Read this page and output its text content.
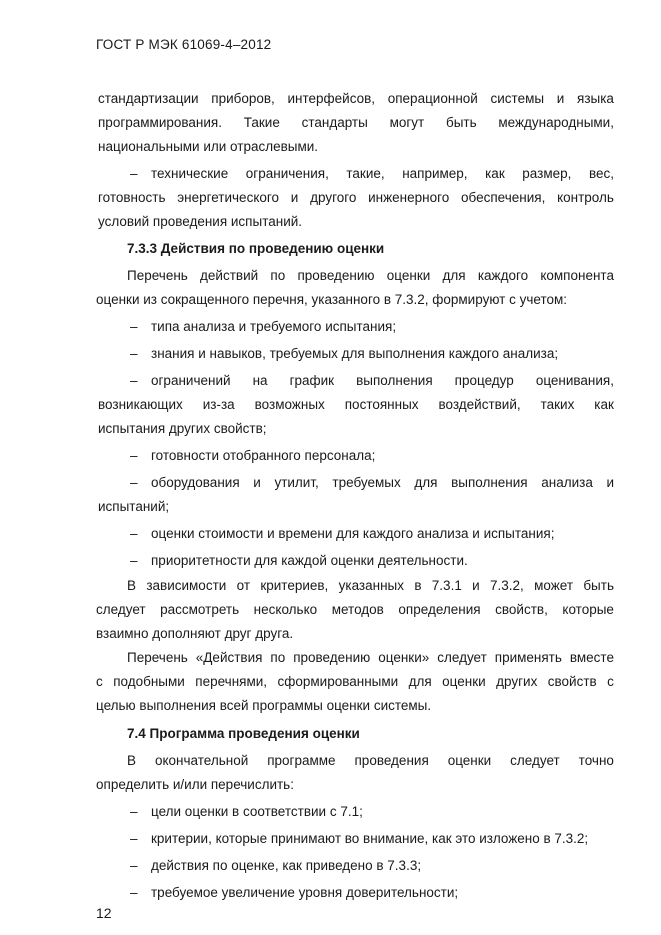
ГОСТ Р МЭК 61069-4–2012
стандартизации приборов, интерфейсов, операционной системы и языка
программирования. Такие стандарты могут быть международными,
национальными или отраслевыми.
– технические ограничения, такие, например, как размер, вес,
готовность энергетического и другого инженерного обеспечения, контроль
условий проведения испытаний.
7.3.3 Действия по проведению оценки
Перечень действий по проведению оценки для каждого компонента
оценки из сокращенного перечня, указанного в 7.3.2, формируют с учетом:
– типа анализа и требуемого испытания;
– знания и навыков, требуемых для выполнения каждого анализа;
– ограничений на график выполнения процедур оценивания,
возникающих из-за возможных постоянных воздействий, таких как
испытания других свойств;
– готовности отобранного персонала;
– оборудования и утилит, требуемых для выполнения анализа и
испытаний;
– оценки стоимости и времени для каждого анализа и испытания;
– приоритетности для каждой оценки деятельности.
В зависимости от критериев, указанных в 7.3.1 и 7.3.2, может быть
следует рассмотреть несколько методов определения свойств, которые
взаимно дополняют друг друга.
Перечень «Действия по проведению оценки» следует применять вместе
с подобными перечнями, сформированными для оценки других свойств с
целью выполнения всей программы оценки системы.
7.4 Программа проведения оценки
В окончательной программе проведения оценки следует точно
определить и/или перечислить:
– цели оценки в соответствии с 7.1;
– критерии, которые принимают во внимание, как это изложено в 7.3.2;
– действия по оценке, как приведено в 7.3.3;
– требуемое увеличение уровня доверительности;
12
